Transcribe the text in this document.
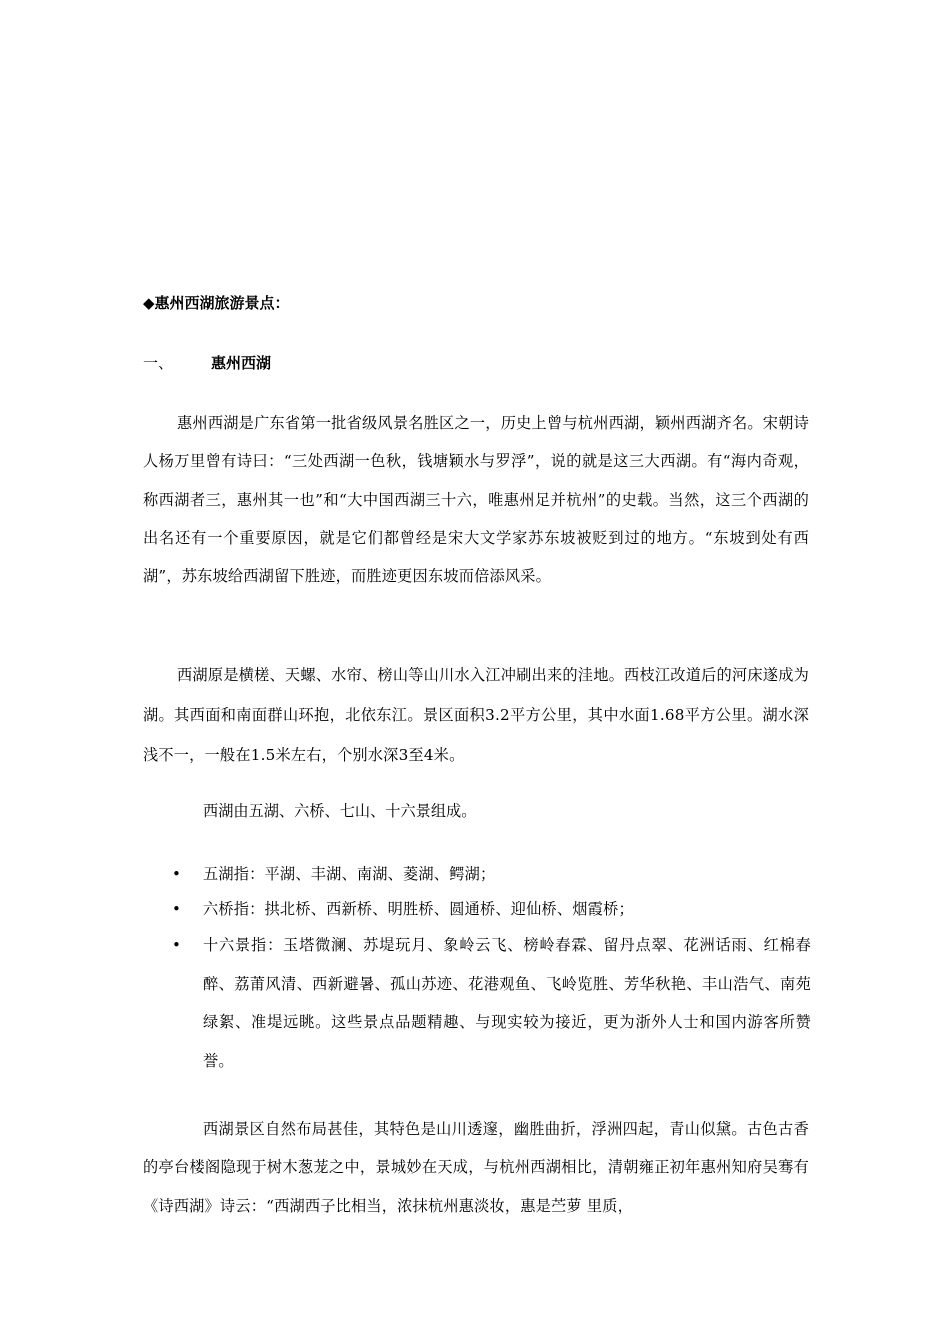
◆惠州西湖旅游景点：
一、	惠州西湖

惠州西湖是广东省第一批省级风景名胜区之一，历史上曾与杭州西湖，颖州西湖齐名。宋朝诗人杨万里曾有诗曰：“三处西湖一色秋，钱塘颖水与罗浮”，说的就是这三大西湖。有“海内奇观，称西湖者三，惠州其一也”和“大中国西湖三十六，唯惠州足并杭州”的史载。当然，这三个西湖的出名还有一个重要原因，就是它们都曾经是宋大文学家苏东坡被贬到过的地方。“东坡到处有西湖”，苏东坡给西湖留下胜迹，而胜迹更因东坡而倍添风采。

西湖原是横槎、天螺、水帘、榜山等山川水入江冲刷出来的洼地。西枝江改道后的河床遂成为湖。其西面和南面群山环抱，北依东江。景区面积3.2平方公里，其中水面1.68平方公里。湖水深浅不一，一般在1.5米左右，个别水深3至4米。

西湖由五湖、六桥、七山、十六景组成。
• 五湖指：平湖、丰湖、南湖、菱湖、鳄湖；
• 六桥指：拱北桥、西新桥、明胜桥、圆通桥、迎仙桥、烟霞桥；
• 十六景指：玉塔微澜、苏堤玩月、象岭云飞、榜岭春霖、留丹点翠、花洲话雨、红棉春醉、荔莆风清、西新避暑、孤山苏迹、花港观鱼、飞岭览胜、芳华秋艳、丰山浩气、南苑绿絮、准堤远眺。这些景点品题精趣、与现实较为接近，更为浙外人士和国内游客所赞誉。

西湖景区自然布局甚佳，其特色是山川透邃，幽胜曲折，浮洲四起，青山似黛。古色古香的亭台楼阁隐现于树木葱茏之中，景城妙在天成，与杭州西湖相比，清朝雍正初年惠州知府吴骞有《诗西湖》诗云：“西湖西子比相当，浓抹杭州惠淡妆，惠是苎萝 里质，
